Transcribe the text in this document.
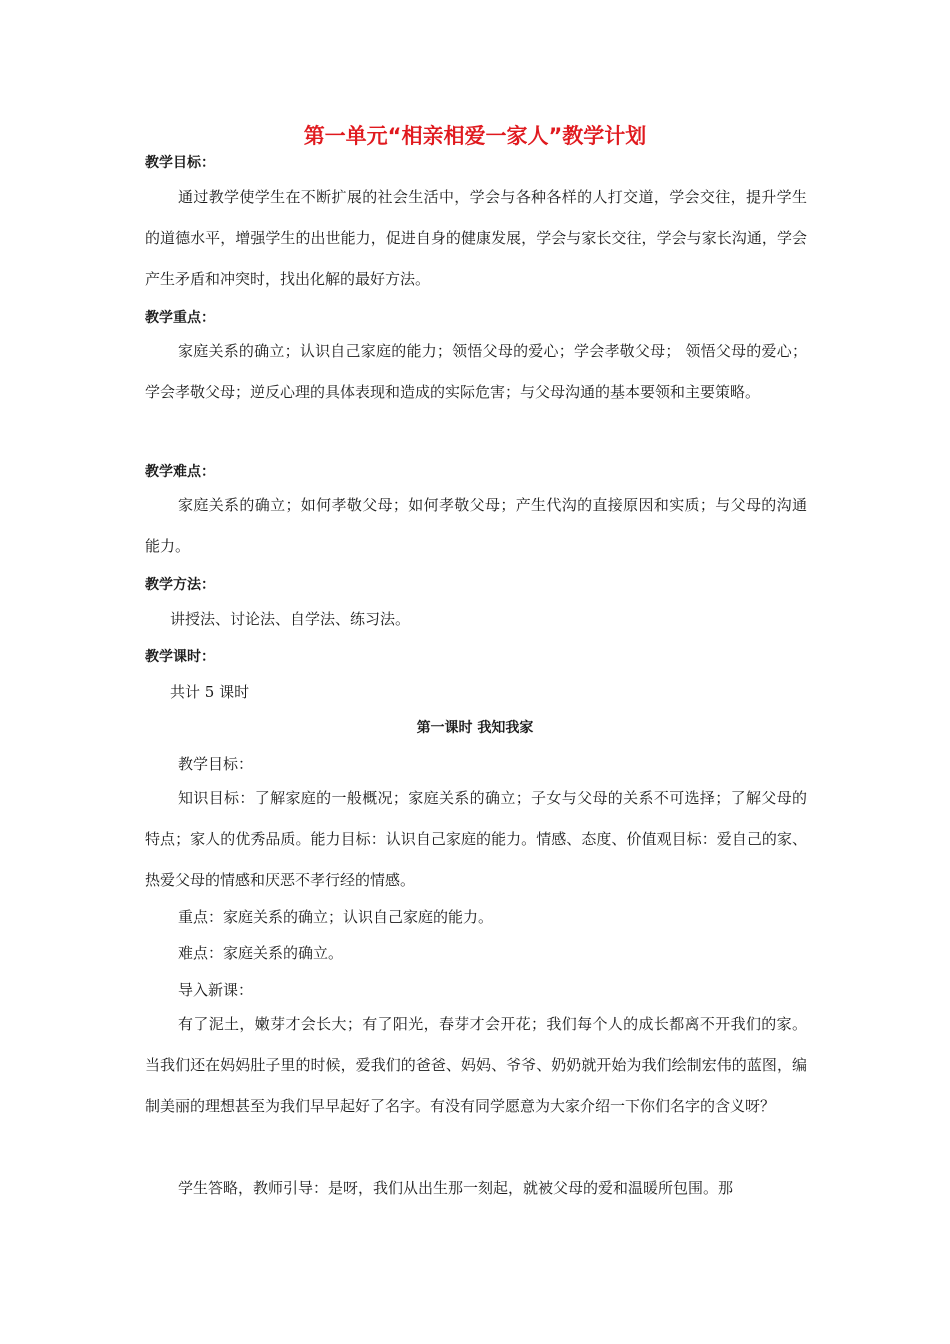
第一单元“相亲相爱一家人”教学计划
教学目标：

通过教学使学生在不断扩展的社会生活中，学会与各种各样的人打交道，学会交往，提升学生的道德水平，增强学生的出世能力，促进自身的健康发展，学会与家长交往，学会与家长沟通，学会产生矛盾和冲突时，找出化解的最好方法。

教学重点：

家庭关系的确立；认识自己家庭的能力；领悟父母的爱心；学会孝敬父母； 领悟父母的爱心；学会孝敬父母；逆反心理的具体表现和造成的实际危害；与父母沟通的基本要领和主要策略。

教学难点：

家庭关系的确立；如何孝敬父母；如何孝敬父母；产生代沟的直接原因和实质；与父母的沟通能力。

教学方法：
讲授法、讨论法、自学法、练习法。
教学课时：
共计 5 课时
第一课时 我知我家
教学目标：

知识目标：了解家庭的一般概况；家庭关系的确立；子女与父母的关系不可选择；了解父母的特点；家人的优秀品质。能力目标：认识自己家庭的能力。情感、态度、价值观目标：爱自己的家、热爱父母的情感和厌恶不孝行经的情感。

重点：家庭关系的确立；认识自己家庭的能力。
难点：家庭关系的确立。
导入新课：

有了泥土，嫩芽才会长大；有了阳光，春芽才会开花；我们每个人的成长都离不开我们的家。当我们还在妈妈肚子里的时候，爱我们的爸爸、妈妈、爷爷、奶奶就开始为我们绘制宏伟的蓝图，编制美丽的理想甚至为我们早早起好了名字。有没有同学愿意为大家介绍一下你们名字的含义呀？

学生答略，教师引导：是呀，我们从出生那一刻起，就被父母的爱和温暖所包围。那
